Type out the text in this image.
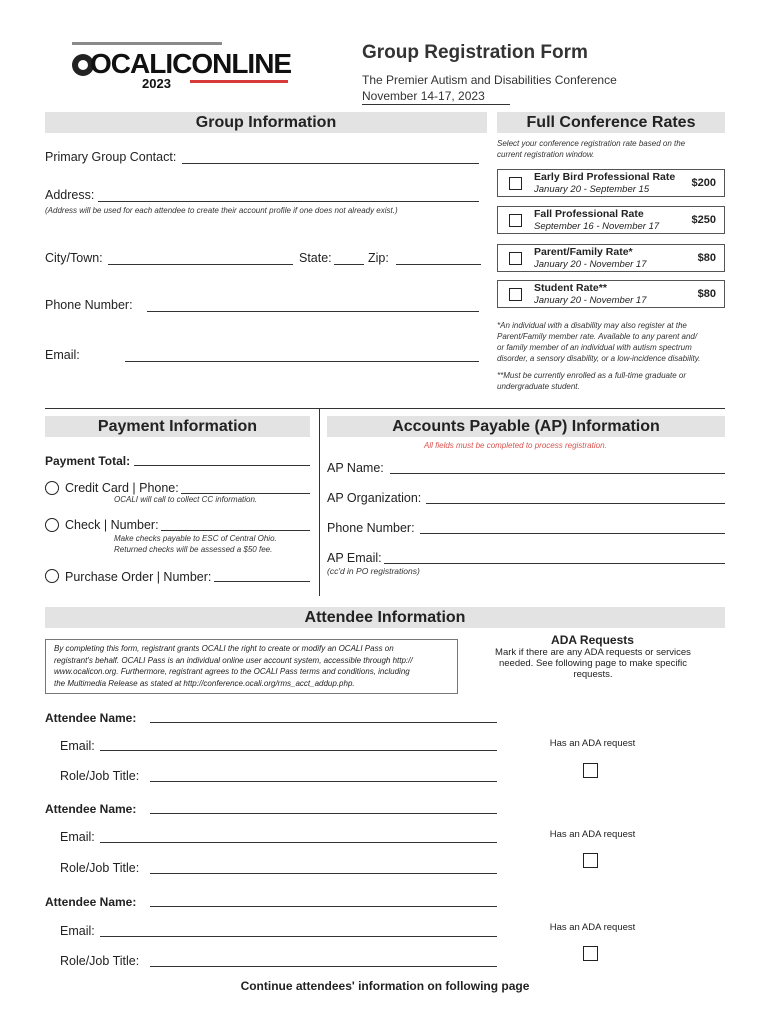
OCALICONLINE
2023
Group Registration Form
The Premier Autism and Disabilities Conference
November 14-17, 2023
Group Information
Primary Group Contact:
Address:
(Address will be used for each attendee to create their account profile if one does not already exist.)
City/Town:	State:	Zip:
Phone Number:
Email:
Full Conference Rates
Select your conference registration rate based on the
current registration window.
Early Bird Professional Rate
January 20 - September 15
$200
Fall Professional Rate
September 16 - November 17
$250
Parent/Family Rate*
January 20 - November 17
$80
Student Rate**
January 20 - November 17
$80
*An individual with a disability may also register at the
Parent/Family member rate. Available to any parent and/
or family member of an individual with autism spectrum
disorder, a sensory disability, or a low-incidence disability.
**Must be currently enrolled as a full-time graduate or
undergraduate student.
Payment Information
Payment Total:
Credit Card | Phone:
OCALI will call to collect CC information.
Check | Number:
Make checks payable to ESC of Central Ohio.
Returned checks will be assessed a $50 fee.
Purchase Order | Number:
Accounts Payable (AP) Information
All fields must be completed to process registration.
AP Name:
AP Organization:
Phone Number:
AP Email:
(cc'd in PO registrations)
Attendee Information
By completing this form, registrant grants OCALI the right to create or modify an OCALI Pass on
registrant's behalf. OCALI Pass is an individual online user account system, accessible through http://
www.ocalicon.org. Furthermore, registrant agrees to the OCALI Pass terms and conditions, including
the Multimedia Release as stated at http://conference.ocali.org/rms_acct_addup.php.
ADA Requests
Mark if there are any ADA requests or services
needed. See following page to make specific
requests.
Attendee Name:
Email:
Role/Job Title:
Has an ADA request
Attendee Name:
Email:
Role/Job Title:
Has an ADA request
Attendee Name:
Email:
Role/Job Title:
Has an ADA request
Continue attendees' information on following page
